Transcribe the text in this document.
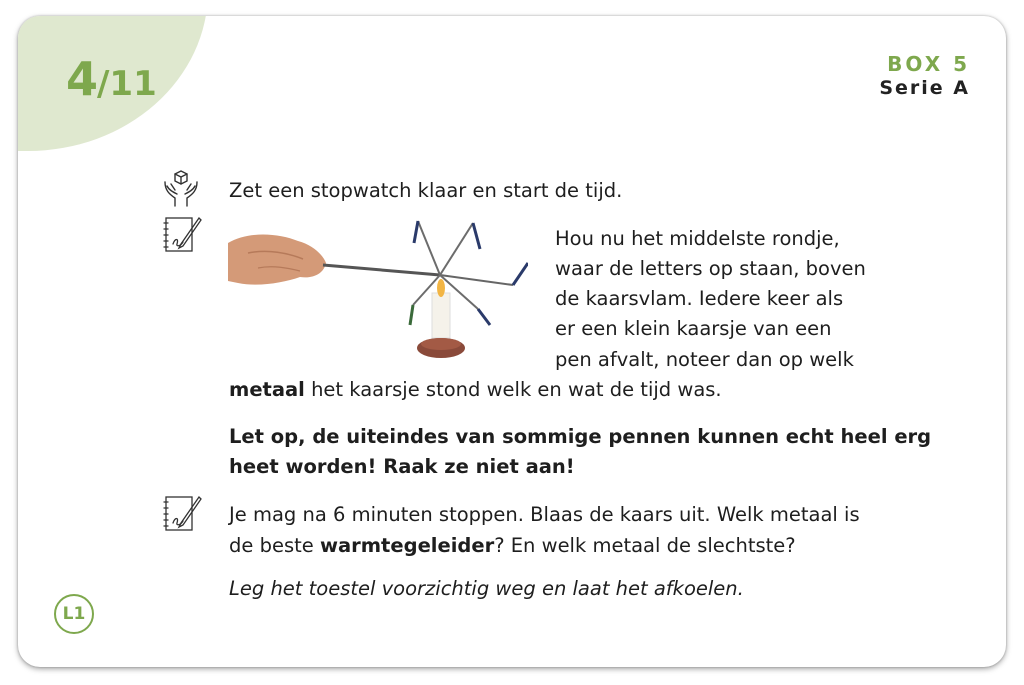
4/11	BOX 5
Serie A
Zet een stopwatch klaar en start de tijd.
Hou nu het middelste rondje,
waar de letters op staan, boven
de kaarsvlam. Iedere keer als
er een klein kaarsje van een
pen afvalt, noteer dan op welk
metaal het kaarsje stond welk en wat de tijd was.
Let op, de uiteindes van sommige pennen kunnen echt heel erg
heet worden! Raak ze niet aan!
Je mag na 6 minuten stoppen. Blaas de kaars uit. Welk metaal is
de beste warmtegeleider? En welk metaal de slechtste?
Leg het toestel voorzichtig weg en laat het afkoelen.
L1
